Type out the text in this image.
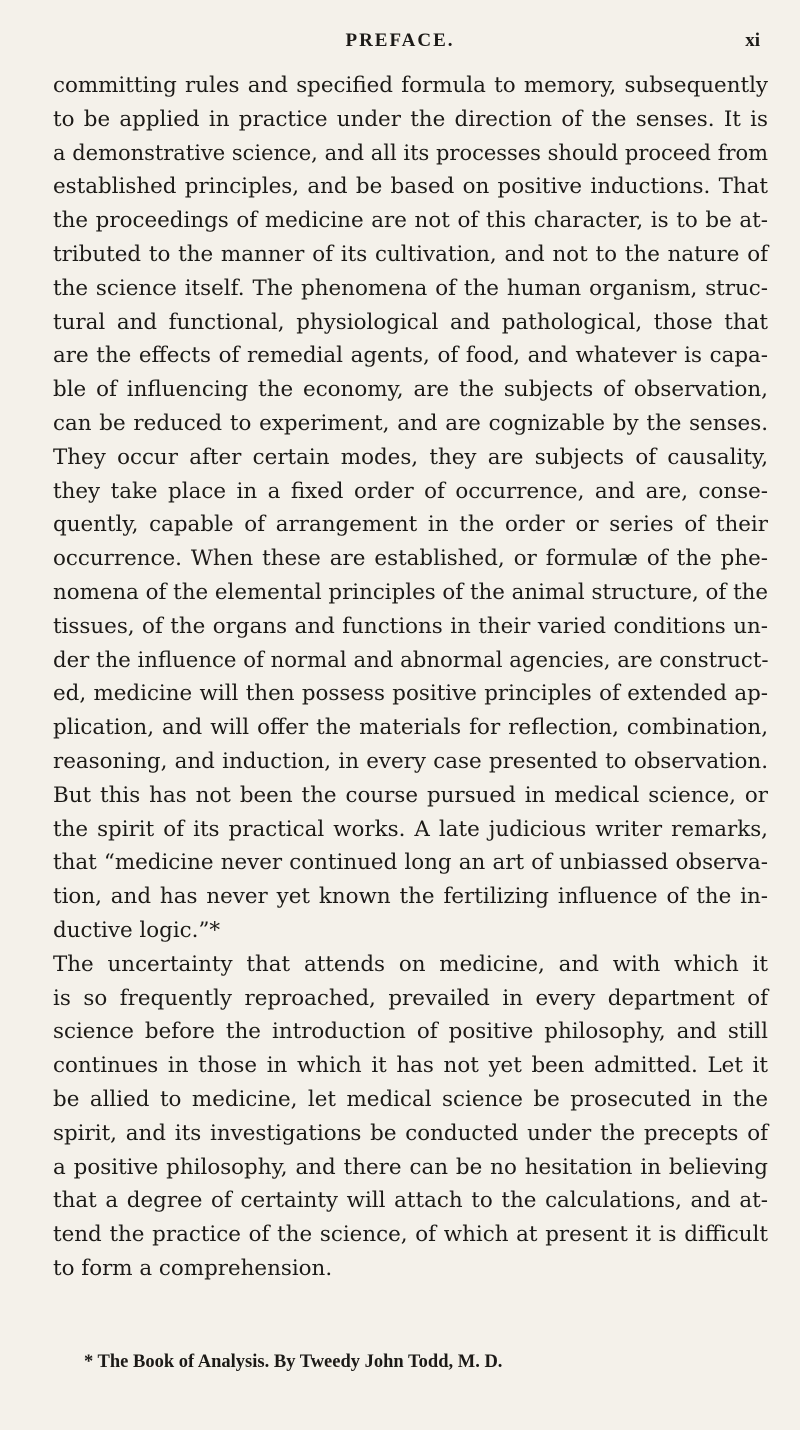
PREFACE.	xi
committing rules and specified formula to memory, subsequently
to be applied in practice under the direction of the senses. It is
a demonstrative science, and all its processes should proceed from
established principles, and be based on positive inductions. That
the proceedings of medicine are not of this character, is to be at-
tributed to the manner of its cultivation, and not to the nature of
the science itself. The phenomena of the human organism, struc-
tural and functional, physiological and pathological, those that
are the effects of remedial agents, of food, and whatever is capa-
ble of influencing the economy, are the subjects of observation,
can be reduced to experiment, and are cognizable by the senses.
They occur after certain modes, they are subjects of causality,
they take place in a fixed order of occurrence, and are, conse-
quently, capable of arrangement in the order or series of their
occurrence. When these are established, or formulæ of the phe-
nomena of the elemental principles of the animal structure, of the
tissues, of the organs and functions in their varied conditions un-
der the influence of normal and abnormal agencies, are construct-
ed, medicine will then possess positive principles of extended ap-
plication, and will offer the materials for reflection, combination,
reasoning, and induction, in every case presented to observation.
But this has not been the course pursued in medical science, or
the spirit of its practical works. A late judicious writer remarks,
that “medicine never continued long an art of unbiassed observa-
tion, and has never yet known the fertilizing influence of the in-
ductive logic.”*
The uncertainty that attends on medicine, and with which it
is so frequently reproached, prevailed in every department of
science before the introduction of positive philosophy, and still
continues in those in which it has not yet been admitted. Let it
be allied to medicine, let medical science be prosecuted in the
spirit, and its investigations be conducted under the precepts of
a positive philosophy, and there can be no hesitation in believing
that a degree of certainty will attach to the calculations, and at-
tend the practice of the science, of which at present it is difficult
to form a comprehension.
* The Book of Analysis. By Tweedy John Todd, M. D.
